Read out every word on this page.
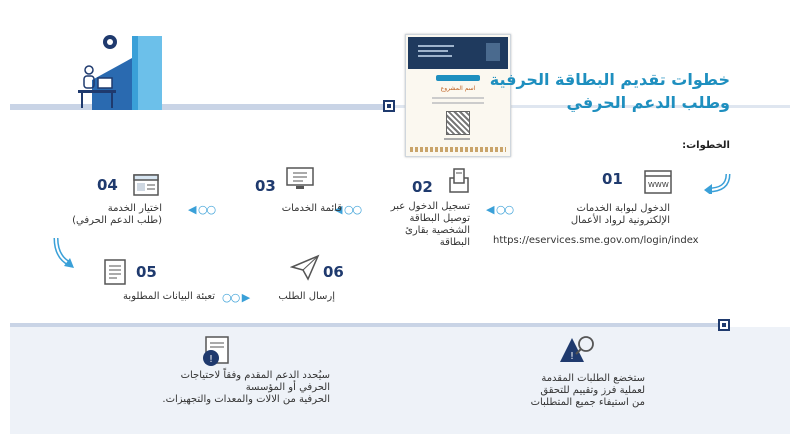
اسم المشروع خطوات تقديم البطاقة الحرفية
وطلب الدعم الحرفي
الخطوات:
WWW
01
الدخول لبوابة الخدمات
الإلكترونية لرواد الأعمال
https://eservices.sme.gov.om/login/index
◀ ○○
02
تسجيل الدخول عبر
توصيل البطاقة
الشخصية بقارئ
البطاقة
◀ ○○
03
قائمة الخدمات
◀ ○○
04
اختيار الخدمة
(طلب الدعم الحرفي)
05
تعبئة البيانات المطلوبة ○○ ▶
06
إرسال الطلب
!
سيُحدد الدعم المقدم وفقاً لاحتياجات
الحرفي أو المؤسسة
الحرفية من الالات والمعدات والتجهيزات.
!
ستخضع الطلبات المقدمة
لعملية فرز وتقييم للتحقق
من استيفاء جميع المتطلبات
